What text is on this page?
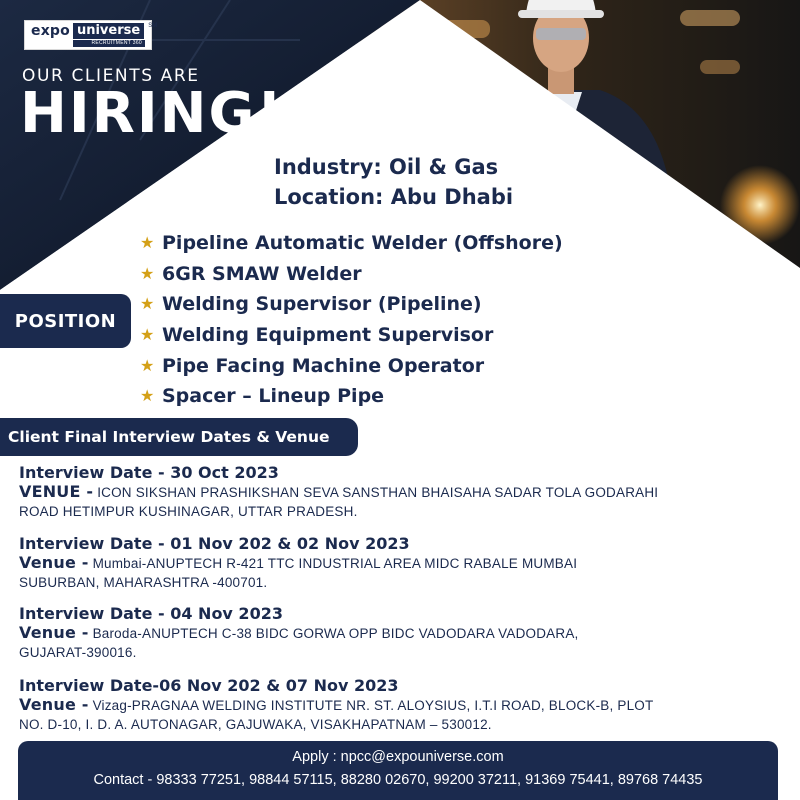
expo universe	SM
RECRUITMENT 360
OUR CLIENTS ARE
HIRING!
Industry: Oil & Gas
Location: Abu Dhabi
POSITION
★ Pipeline Automatic Welder (Offshore)
★ 6GR SMAW Welder
★ Welding Supervisor (Pipeline)
★ Welding Equipment Supervisor
★ Pipe Facing Machine Operator
★ Spacer – Lineup Pipe
Client Final Interview Dates & Venue
Interview Date - 30 Oct 2023
VENUE - ICON SIKSHAN PRASHIKSHAN SEVA SANSTHAN BHAISAHA SADAR TOLA GODARAHI
ROAD HETIMPUR KUSHINAGAR, UTTAR PRADESH.
Interview Date - 01 Nov 202 & 02 Nov 2023
Venue - Mumbai-ANUPTECH R-421 TTC INDUSTRIAL AREA MIDC RABALE MUMBAI
SUBURBAN, MAHARASHTRA -400701.
Interview Date - 04 Nov 2023
Venue - Baroda-ANUPTECH C-38 BIDC GORWA OPP BIDC VADODARA VADODARA,
GUJARAT-390016.
Interview Date-06 Nov 202 & 07 Nov 2023
Venue - Vizag-PRAGNAA WELDING INSTITUTE NR. ST. ALOYSIUS, I.T.I ROAD, BLOCK-B, PLOT
NO. D-10, I. D. A. AUTONAGAR, GAJUWAKA, VISAKHAPATNAM – 530012.
Apply : npcc@expouniverse.com
Contact - 98333 77251, 98844 57115, 88280 02670, 99200 37211, 91369 75441, 89768 74435
